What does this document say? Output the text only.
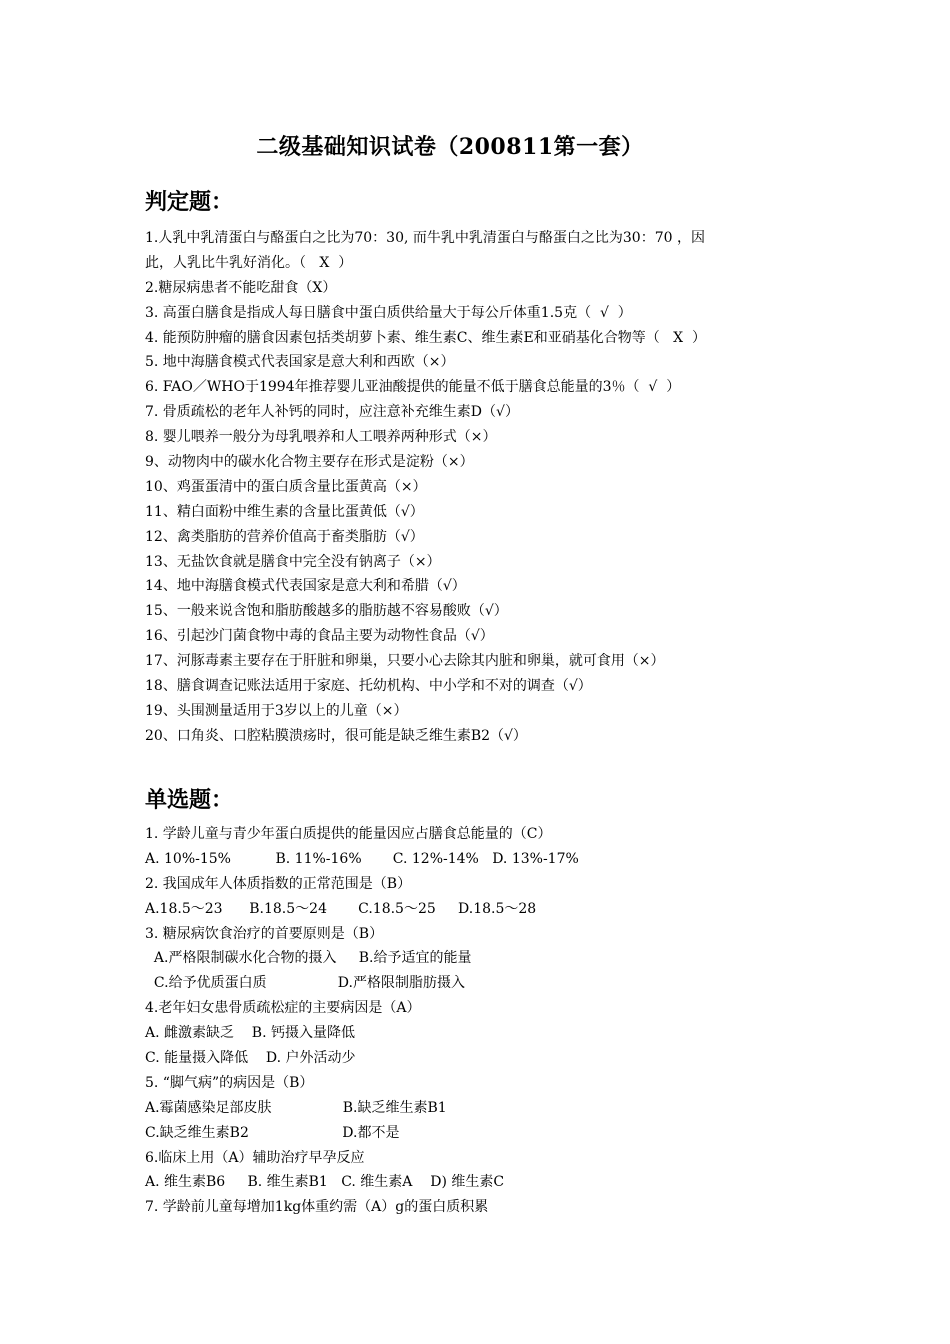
二级基础知识试卷（200811第一套）
判定题：
1.人乳中乳清蛋白与酪蛋白之比为70：30, 而牛乳中乳清蛋白与酪蛋白之比为30：70 ，因
此，人乳比牛乳好消化。（   X  ）
2.糖尿病患者不能吃甜食（X）
3. 高蛋白膳食是指成人每日膳食中蛋白质供给量大于每公斤体重1.5克（  √  ）
4. 能预防肿瘤的膳食因素包括类胡萝卜素、维生素C、维生素E和亚硝基化合物等（   X  ）
5. 地中海膳食模式代表国家是意大利和西欧（×）
6. FAO／WHO于1994年推荐婴儿亚油酸提供的能量不低于膳食总能量的3％（  √  ）
7. 骨质疏松的老年人补钙的同时，应注意补充维生素D（√）
8. 婴儿喂养一般分为母乳喂养和人工喂养两种形式（×）
9、动物肉中的碳水化合物主要存在形式是淀粉（×）
10、鸡蛋蛋清中的蛋白质含量比蛋黄高（×）
11、精白面粉中维生素的含量比蛋黄低（√）
12、禽类脂肪的营养价值高于畜类脂肪（√）
13、无盐饮食就是膳食中完全没有钠离子（×）
14、地中海膳食模式代表国家是意大利和希腊（√）
15、一般来说含饱和脂肪酸越多的脂肪越不容易酸败（√）
16、引起沙门菌食物中毒的食品主要为动物性食品（√）
17、河豚毒素主要存在于肝脏和卵巢，只要小心去除其内脏和卵巢，就可食用（×）
18、膳食调查记账法适用于家庭、托幼机构、中小学和不对的调查（√）
19、头围测量适用于3岁以上的儿童（×）
20、口角炎、口腔粘膜溃疡时，很可能是缺乏维生素B2（√）
单选题：
1. 学龄儿童与青少年蛋白质提供的能量因应占膳食总能量的（C）
A. 10%-15%          B. 11%-16%       C. 12%-14%   D. 13%-17%
2. 我国成年人体质指数的正常范围是（B）
A.18.5～23      B.18.5～24       C.18.5～25     D.18.5～28
3. 糖尿病饮食治疗的首要原则是（B）
A.严格限制碳水化合物的摄入     B.给予适宜的能量
C.给予优质蛋白质                D.严格限制脂肪摄入
4.老年妇女患骨质疏松症的主要病因是（A）
A. 雌激素缺乏    B. 钙摄入量降低
C. 能量摄入降低    D. 户外活动少
5. “脚气病”的病因是（B）
A.霉菌感染足部皮肤                B.缺乏维生素B1
C.缺乏维生素B2                     D.都不是
6.临床上用（A）辅助治疗早孕反应
A. 维生素B6     B. 维生素B1   C. 维生素A    D) 维生素C
7. 学龄前儿童每增加1kg体重约需（A）g的蛋白质积累
